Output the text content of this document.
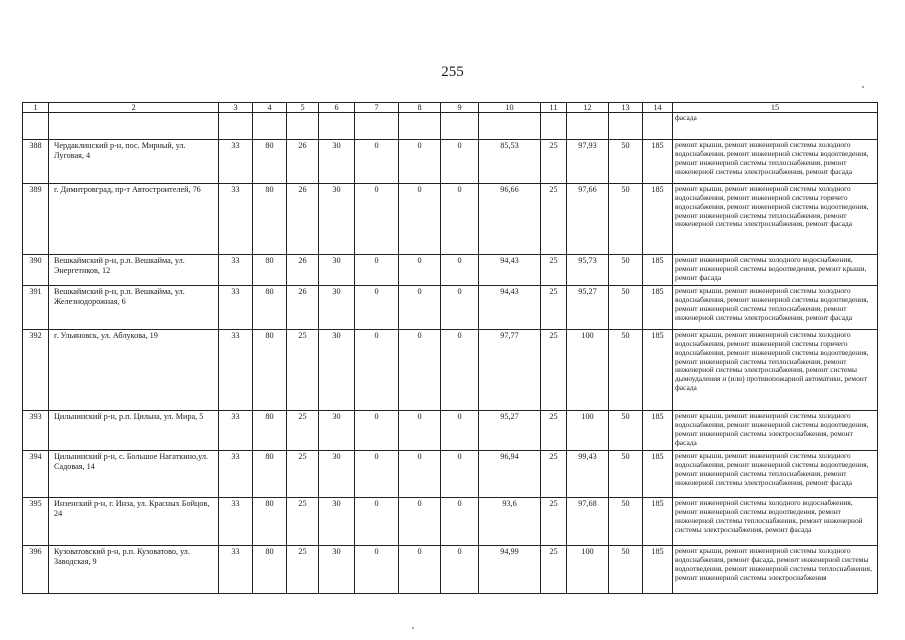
255
1	2	3	4	5	6	7	8	9	10	11	12	13	14	15
														фасада
388	Чердаклинский р-н, пос. Мирный, ул. Луговая, 4	33	80	26	30	0	0	0	85,53	25	97,93	50	185	ремонт крыши, ремонт инженерной системы холодного водоснабжения, ремонт инженерной системы водоотведения, ремонт инженерной системы теплоснабжения, ремонт инженерной системы электроснабжения, ремонт фасада
389	г. Димитровград, пр-т Автостроителей, 76	33	80	26	30	0	0	0	96,66	25	97,66	50	185	ремонт крыши, ремонт инженерной системы холодного водоснабжения, ремонт инженерной системы горячего водоснабжения, ремонт инженерной системы водоотведения, ремонт инженерной системы теплоснабжения, ремонт инженерной системы электроснабжения, ремонт фасада
390	Вешкаймский р-н, р.п. Вешкайма, ул. Энергетиков, 12	33	80	26	30	0	0	0	94,43	25	95,73	50	185	ремонт инженерной системы холодного водоснабжения, ремонт инженерной системы водоотведения, ремонт крыши, ремонт фасада
391	Вешкаймский р-н, р.п. Вешкайма, ул. Железнодорожная, 6	33	80	26	30	0	0	0	94,43	25	95,27	50	185	ремонт крыши, ремонт инженерной системы холодного водоснабжения, ремонт инженерной системы водоотведения, ремонт инженерной системы теплоснабжения, ремонт инженерной системы электроснабжения, ремонт фасада
392	г. Ульяновск, ул. Аблукова, 19	33	80	25	30	0	0	0	97,77	25	100	50	185	ремонт крыши, ремонт инженерной системы холодного водоснабжения, ремонт инженерной системы горячего водоснабжения, ремонт инженерной системы водоотведения, ремонт инженерной системы теплоснабжения, ремонт инженерной системы электроснабжения, ремонт системы дымоудаления и (или) противопожарной автоматики, ремонт фасада
393	Цильнинский р-н, р.п. Цильна, ул. Мира, 5	33	80	25	30	0	0	0	95,27	25	100	50	185	ремонт крыши, ремонт инженерной системы холодного водоснабжения, ремонт инженерной системы водоотведения, ремонт инженерной системы электроснабжения, ремонт фасада
394	Цильнинский р-н, с. Большое Нагаткино,ул. Садовая, 14	33	80	25	30	0	0	0	96,94	25	99,43	50	185	ремонт крыши, ремонт инженерной системы холодного водоснабжения, ремонт инженерной системы водоотведения, ремонт инженерной системы теплоснабжения, ремонт инженерной системы электроснабжения, ремонт фасада
395	Инзенский р-н, г. Инза, ул. Красных Бойцов, 24	33	80	25	30	0	0	0	93,6	25	97,68	50	185	ремонт инженерной системы холодного водоснабжения, ремонт инженерной системы водоотведения, ремонт инженерной системы теплоснабжения, ремонт инженерной системы электроснабжения, ремонт фасада
396	Кузоватовский р-н, р.п. Кузоватово, ул. Заводская, 9	33	80	25	30	0	0	0	94,99	25	100	50	185	ремонт крыши, ремонт инженерной системы холодного водоснабжения, ремонт фасада, ремонт инженерной системы водоотведения, ремонт инженерной системы теплоснабжения, ремонт инженерной системы электроснабжения
